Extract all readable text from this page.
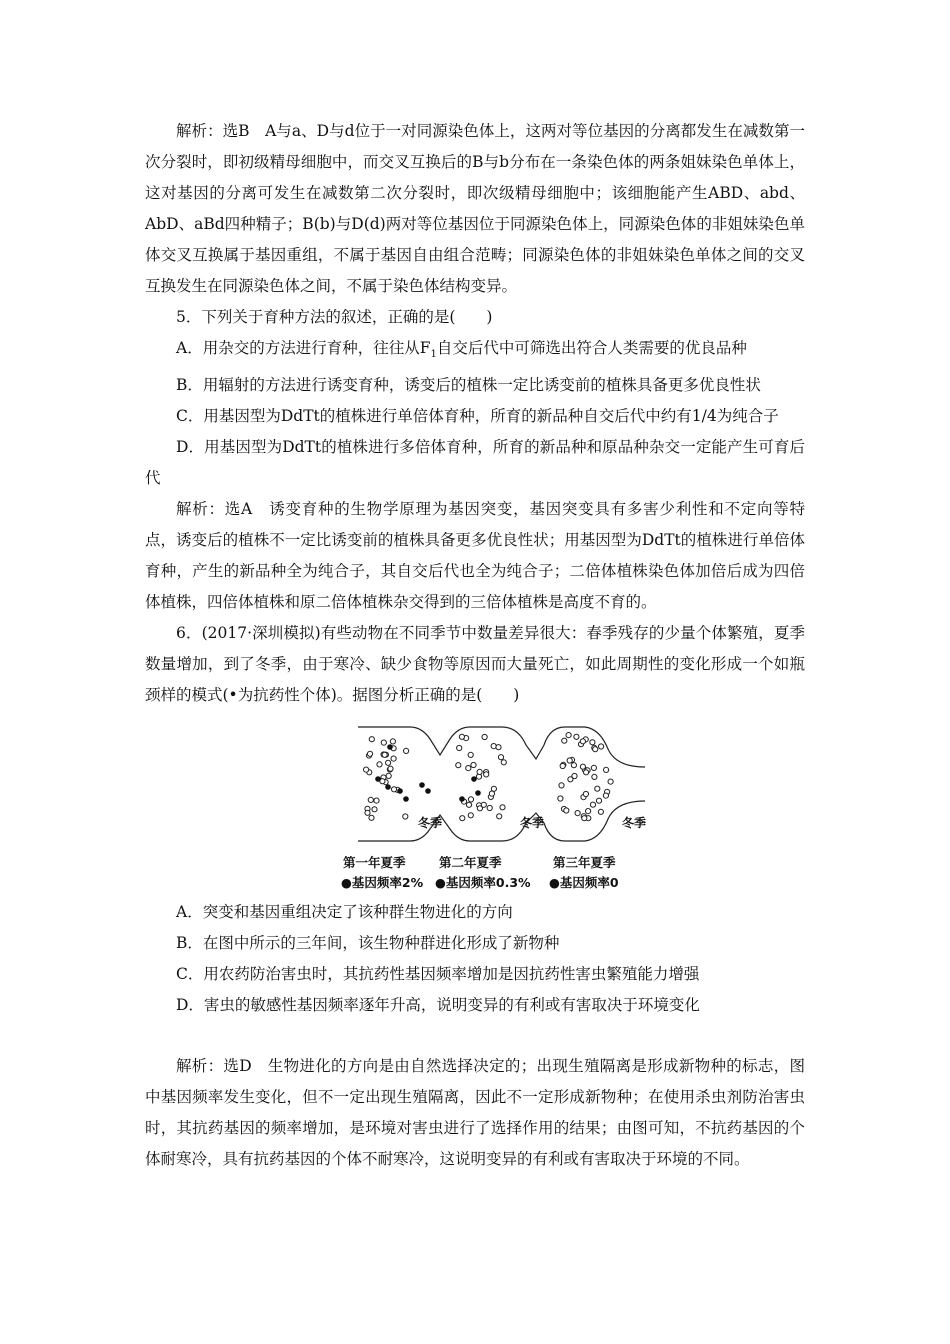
解析：选B　A与a、D与d位于一对同源染色体上，这两对等位基因的分离都发生在减数第一次分裂时，即初级精母细胞中，而交叉互换后的B与b分布在一条染色体的两条姐妹染色单体上，这对基因的分离可发生在减数第二次分裂时，即次级精母细胞中；该细胞能产生ABD、abd、AbD、aBd四种精子；B(b)与D(d)两对等位基因位于同源染色体上，同源染色体的非姐妹染色单体交叉互换属于基因重组，不属于基因自由组合范畴；同源染色体的非姐妹染色单体之间的交叉互换发生在同源染色体之间，不属于染色体结构变异。

5．下列关于育种方法的叙述，正确的是(　　)

A．用杂交的方法进行育种，往往从$F_1$自交后代中可筛选出符合人类需要的优良品种

B．用辐射的方法进行诱变育种，诱变后的植株一定比诱变前的植株具备更多优良性状

C．用基因型为DdTt的植株进行单倍体育种，所育的新品种自交后代中约有1/4为纯合子

D．用基因型为DdTt的植株进行多倍体育种，所育的新品种和原品种杂交一定能产生可育后代

解析：选A　诱变育种的生物学原理为基因突变，基因突变具有多害少利性和不定向等特点，诱变后的植株不一定比诱变前的植株具备更多优良性状；用基因型为DdTt的植株进行单倍体育种，产生的新品种全为纯合子，其自交后代也全为纯合子；二倍体植株染色体加倍后成为四倍体植株，四倍体植株和原二倍体植株杂交得到的三倍体植株是高度不育的。

6．(2017·深圳模拟)有些动物在不同季节中数量差异很大：春季残存的少量个体繁殖，夏季数量增加，到了冬季，由于寒冷、缺少食物等原因而大量死亡，如此周期性的变化形成一个如瓶颈样的模式(•为抗药性个体)。据图分析正确的是(　　)

冬季	冬季	冬季
第一年夏季	第二年夏季	第三年夏季
●基因频率2% ●基因频率0.3% ●基因频率0

A．突变和基因重组决定了该种群生物进化的方向

B．在图中所示的三年间，该生物种群进化形成了新物种

C．用农药防治害虫时，其抗药性基因频率增加是因抗药性害虫繁殖能力增强

D．害虫的敏感性基因频率逐年升高，说明变异的有利或有害取决于环境变化

解析：选D　生物进化的方向是由自然选择决定的；出现生殖隔离是形成新物种的标志，图中基因频率发生变化，但不一定出现生殖隔离，因此不一定形成新物种；在使用杀虫剂防治害虫时，其抗药基因的频率增加，是环境对害虫进行了选择作用的结果；由图可知，不抗药基因的个体耐寒冷，具有抗药基因的个体不耐寒冷，这说明变异的有利或有害取决于环境的不同。
